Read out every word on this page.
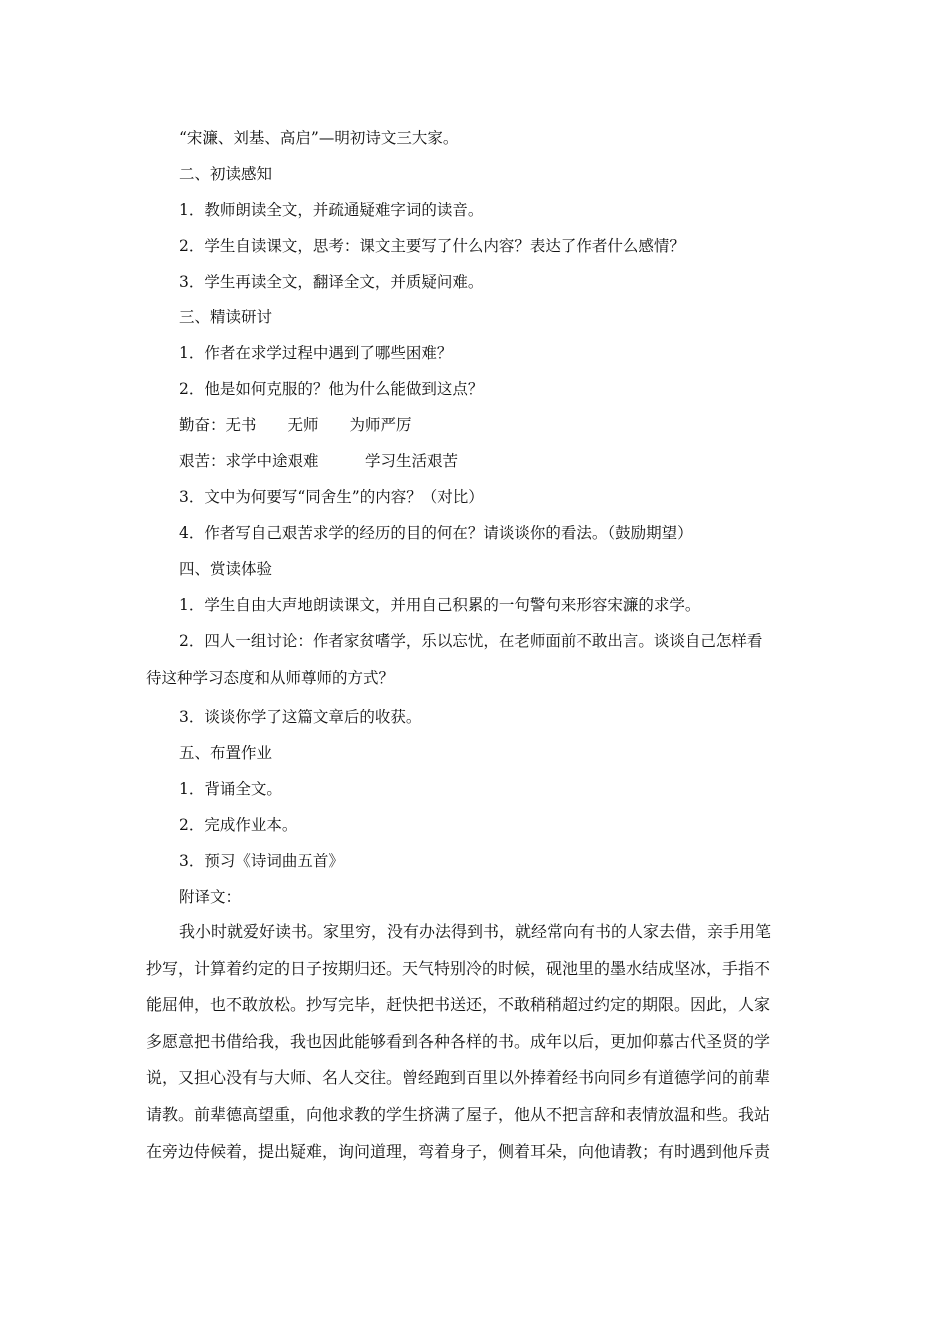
“宋濂、刘基、高启”—明初诗文三大家。
二、初读感知
1．教师朗读全文，并疏通疑难字词的读音。
2．学生自读课文，思考：课文主要写了什么内容？表达了作者什么感情？
3．学生再读全文，翻译全文，并质疑问难。
三、精读研讨
1．作者在求学过程中遇到了哪些困难？
2．他是如何克服的？他为什么能做到这点？
勤奋：无书　　无师　　为师严厉
艰苦：求学中途艰难　　　学习生活艰苦
3．文中为何要写“同舍生”的内容？（对比）
4．作者写自己艰苦求学的经历的目的何在？请谈谈你的看法。（鼓励期望）
四、赏读体验
1．学生自由大声地朗读课文，并用自己积累的一句警句来形容宋濂的求学。
2．四人一组讨论：作者家贫嗜学，乐以忘忧，在老师面前不敢出言。谈谈自己怎样看
待这种学习态度和从师尊师的方式？
3．谈谈你学了这篇文章后的收获。
五、布置作业
1．背诵全文。
2．完成作业本。
3．预习《诗词曲五首》
附译文：
我小时就爱好读书。家里穷，没有办法得到书，就经常向有书的人家去借，亲手用笔
抄写，计算着约定的日子按期归还。天气特别冷的时候，砚池里的墨水结成坚冰，手指不
能屈伸，也不敢放松。抄写完毕，赶快把书送还，不敢稍稍超过约定的期限。因此，人家
多愿意把书借给我，我也因此能够看到各种各样的书。成年以后，更加仰慕古代圣贤的学
说，又担心没有与大师、名人交往。曾经跑到百里以外捧着经书向同乡有道德学问的前辈
请教。前辈德高望重，向他求教的学生挤满了屋子，他从不把言辞和表情放温和些。我站
在旁边侍候着，提出疑难，询问道理，弯着身子，侧着耳朵，向他请教；有时遇到他斥责
